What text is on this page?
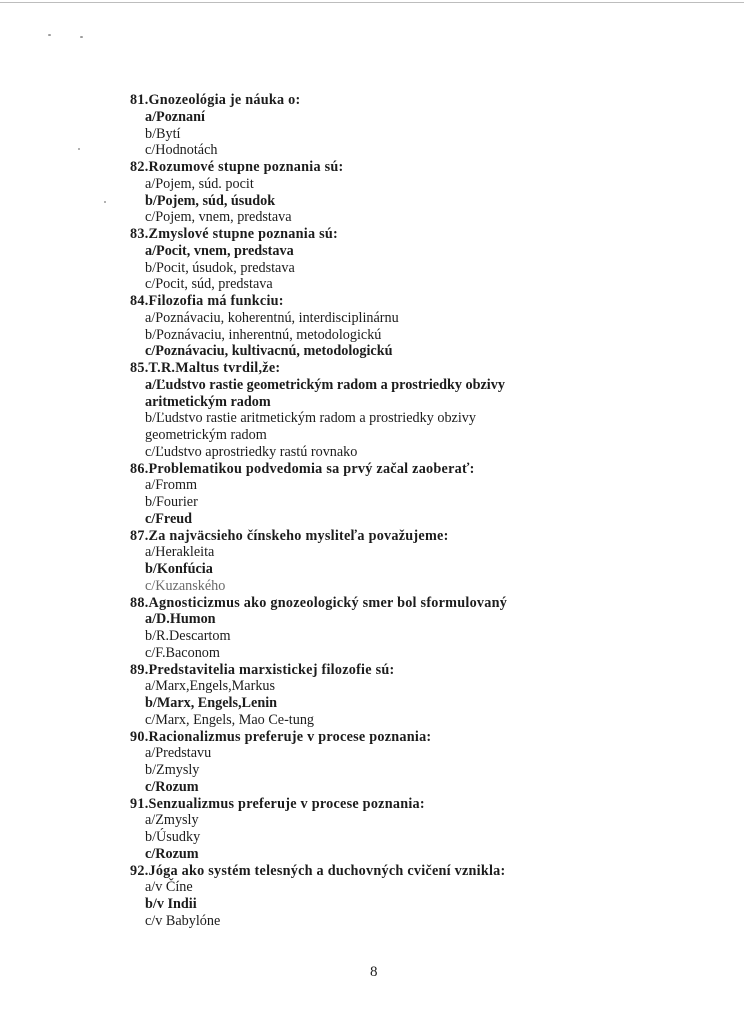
81.Gnozeológia je náuka o:
a/Poznaní
b/Bytí
c/Hodnotách
82.Rozumové stupne poznania sú:
a/Pojem, súd. pocit
b/Pojem, súd, úsudok
c/Pojem, vnem, predstava
83.Zmyslové stupne poznania sú:
a/Pocit, vnem, predstava
b/Pocit, úsudok, predstava
c/Pocit, súd, predstava
84.Filozofia má funkciu:
a/Poznávaciu, koherentnú, interdisciplinárnu
b/Poznávaciu, inherentnú, metodologickú
c/Poznávaciu, kultivacnú, metodologickú
85.T.R.Maltus tvrdil,že:
a/Ľudstvo rastie geometrickým radom a prostriedky obzivy aritmetickým radom
b/Ľudstvo rastie aritmetickým radom a prostriedky obzivy geometrickým radom
c/Ľudstvo aprostriedky rastú rovnako
86.Problematikou podvedomia sa prvý začal zaoberať:
a/Fromm
b/Fourier
c/Freud
87.Za najväcsieho čínskeho mysliteľa považujeme:
a/Herakleita
b/Konfúcia
c/Kuzanského
88.Agnosticizmus ako gnozeologický smer bol sformulovaný
a/D.Humon
b/R.Descartom
c/F.Baconom
89.Predstavitelia marxistickej filozofie sú:
a/Marx,Engels,Markus
b/Marx, Engels,Lenin
c/Marx, Engels, Mao Ce-tung
90.Racionalizmus preferuje v procese poznania:
a/Predstavu
b/Zmysly
c/Rozum
91.Senzualizmus preferuje v procese poznania:
a/Zmysly
b/Úsudky
c/Rozum
92.Jóga ako systém telesných a duchovných cvičení vznikla:
a/v Číne
b/v Indii
c/v Babylóne
8
